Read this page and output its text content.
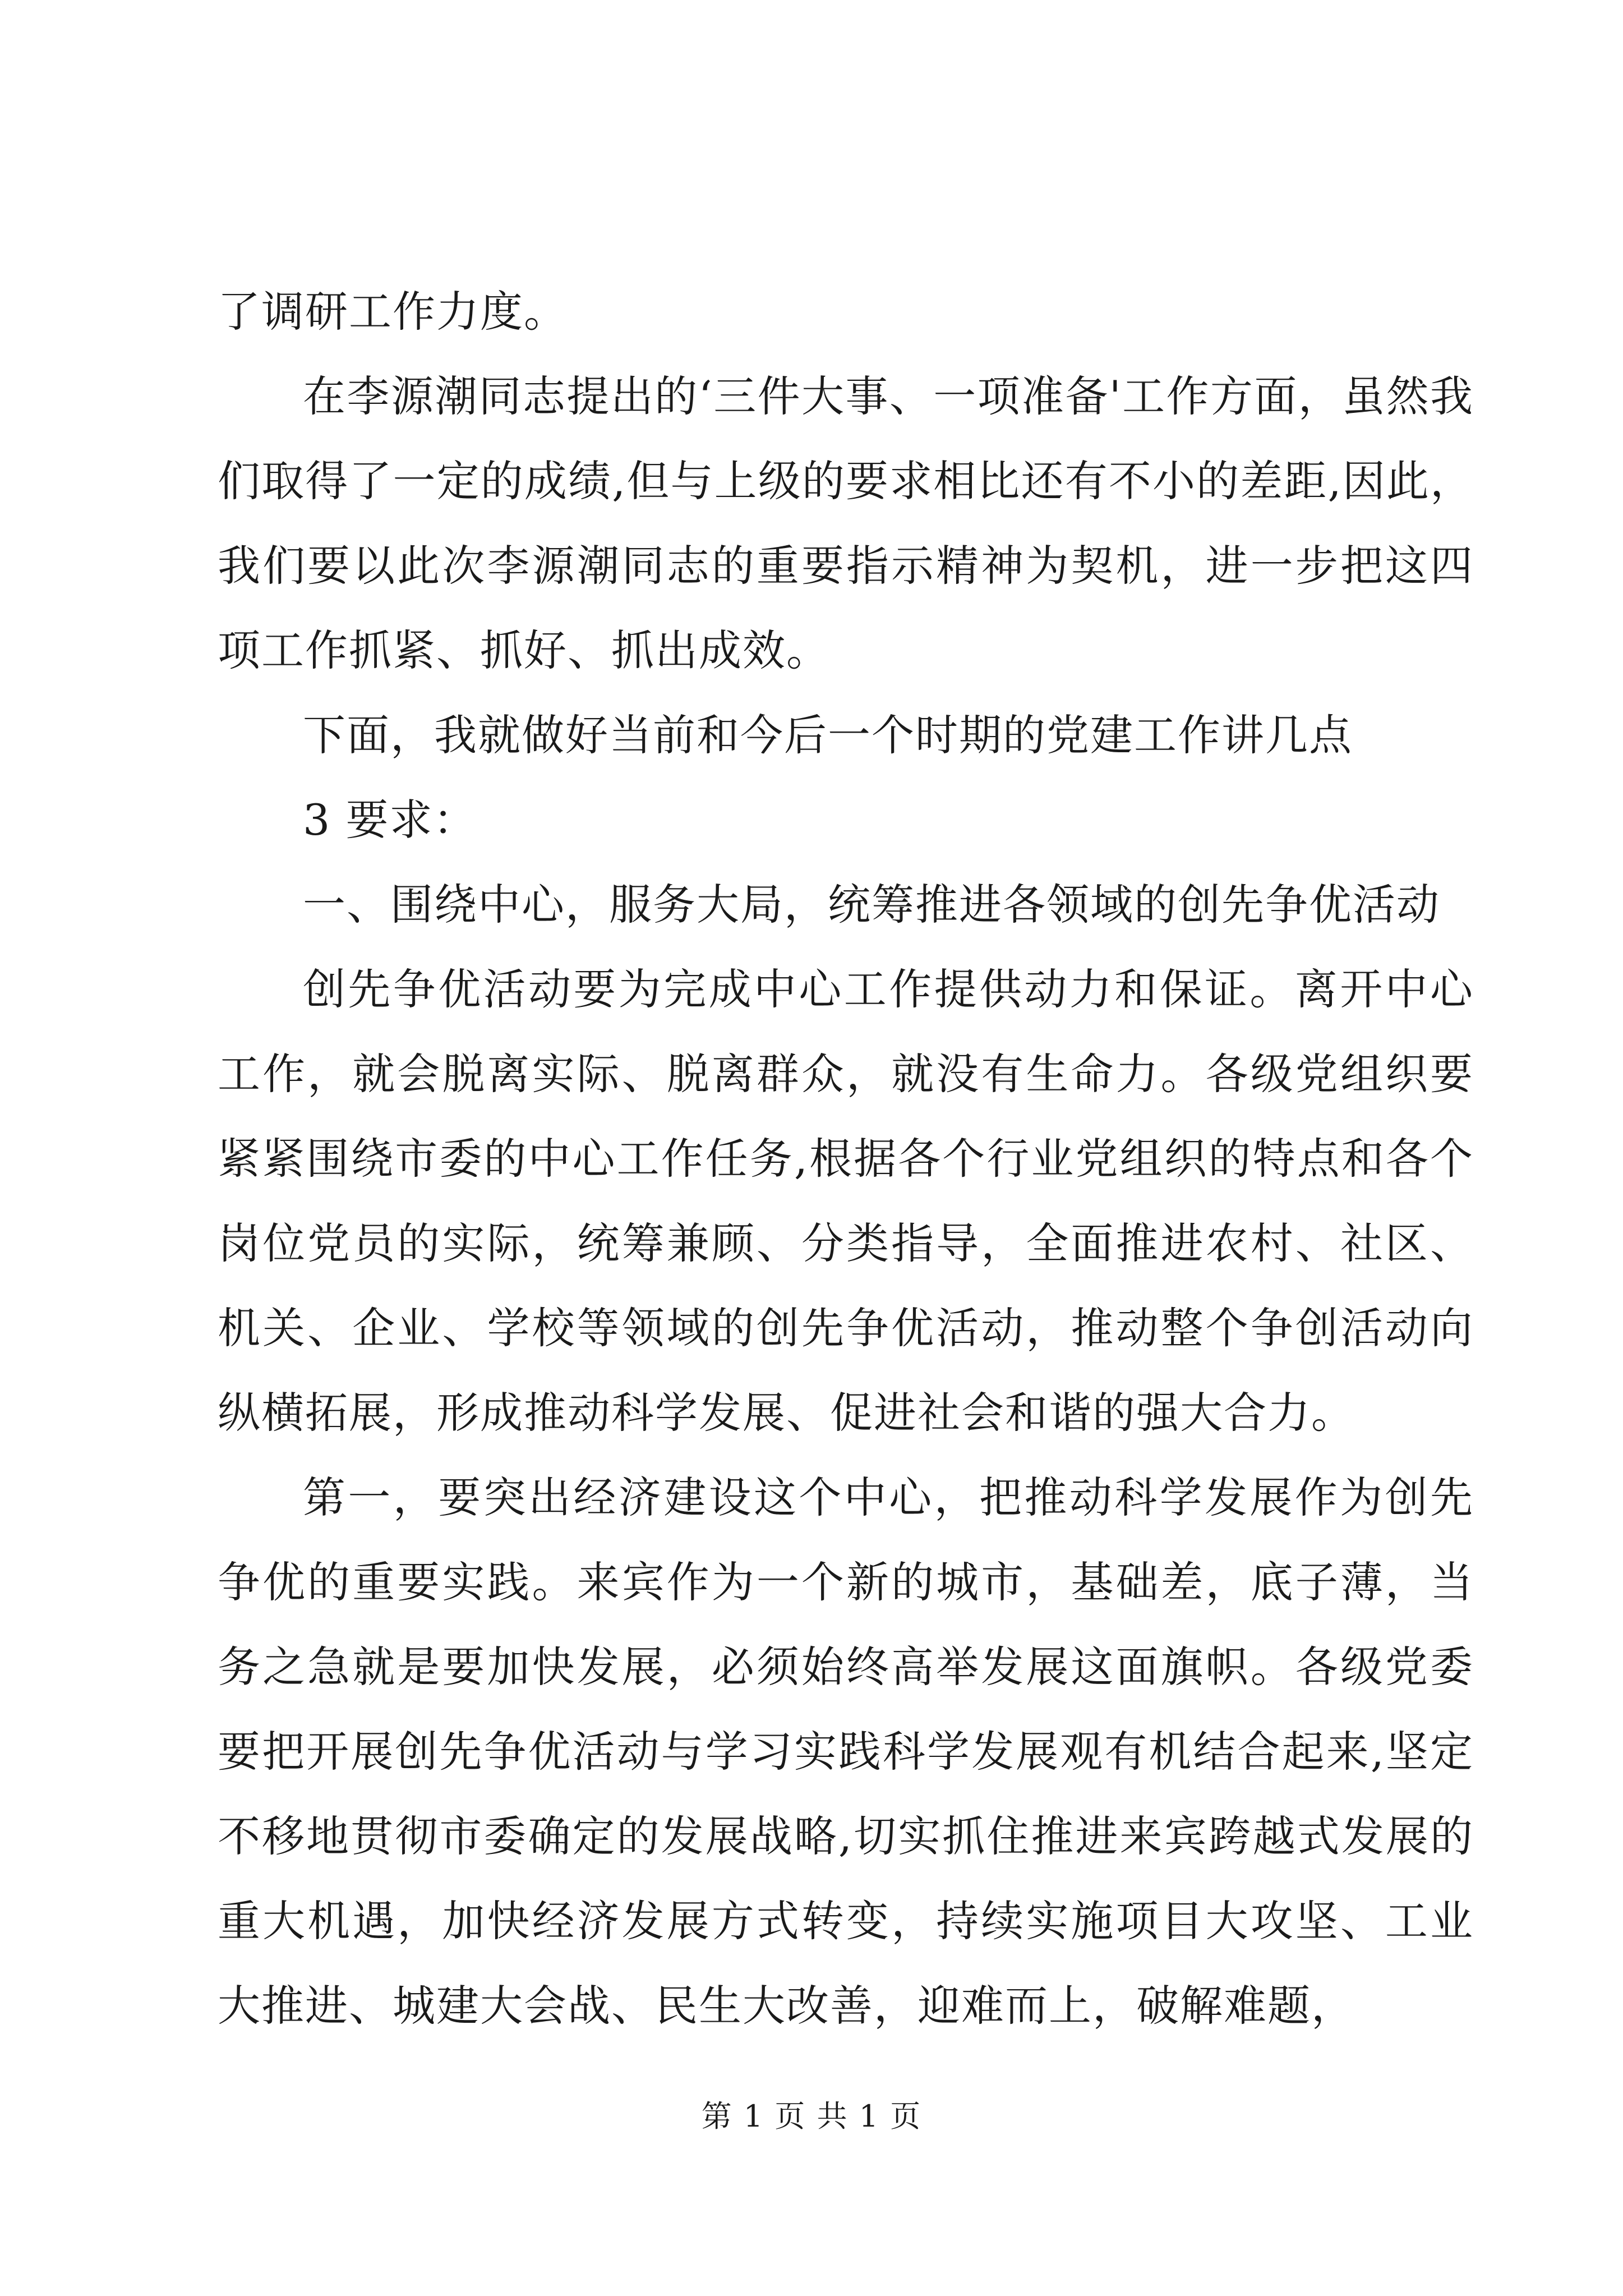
了调研工作力度。

在李源潮同志提出的‘三件大事、一项准备'工作方面，虽然我们取得了一定的成绩,但与上级的要求相比还有不小的差距,因此，我们要以此次李源潮同志的重要指示精神为契机，进一步把这四项工作抓紧、抓好、抓出成效。

下面，我就做好当前和今后一个时期的党建工作讲几点

3 要求：

一、围绕中心，服务大局，统筹推进各领域的创先争优活动

创先争优活动要为完成中心工作提供动力和保证。离开中心工作，就会脱离实际、脱离群众，就没有生命力。各级党组织要紧紧围绕市委的中心工作任务,根据各个行业党组织的特点和各个岗位党员的实际，统筹兼顾、分类指导，全面推进农村、社区、机关、企业、学校等领域的创先争优活动，推动整个争创活动向纵横拓展，形成推动科学发展、促进社会和谐的强大合力。

第一，要突出经济建设这个中心，把推动科学发展作为创先争优的重要实践。来宾作为一个新的城市，基础差，底子薄，当务之急就是要加快发展，必须始终高举发展这面旗帜。各级党委要把开展创先争优活动与学习实践科学发展观有机结合起来,坚定不移地贯彻市委确定的发展战略,切实抓住推进来宾跨越式发展的重大机遇，加快经济发展方式转变，持续实施项目大攻坚、工业大推进、城建大会战、民生大改善，迎难而上，破解难题，

第 1 页 共 1 页
